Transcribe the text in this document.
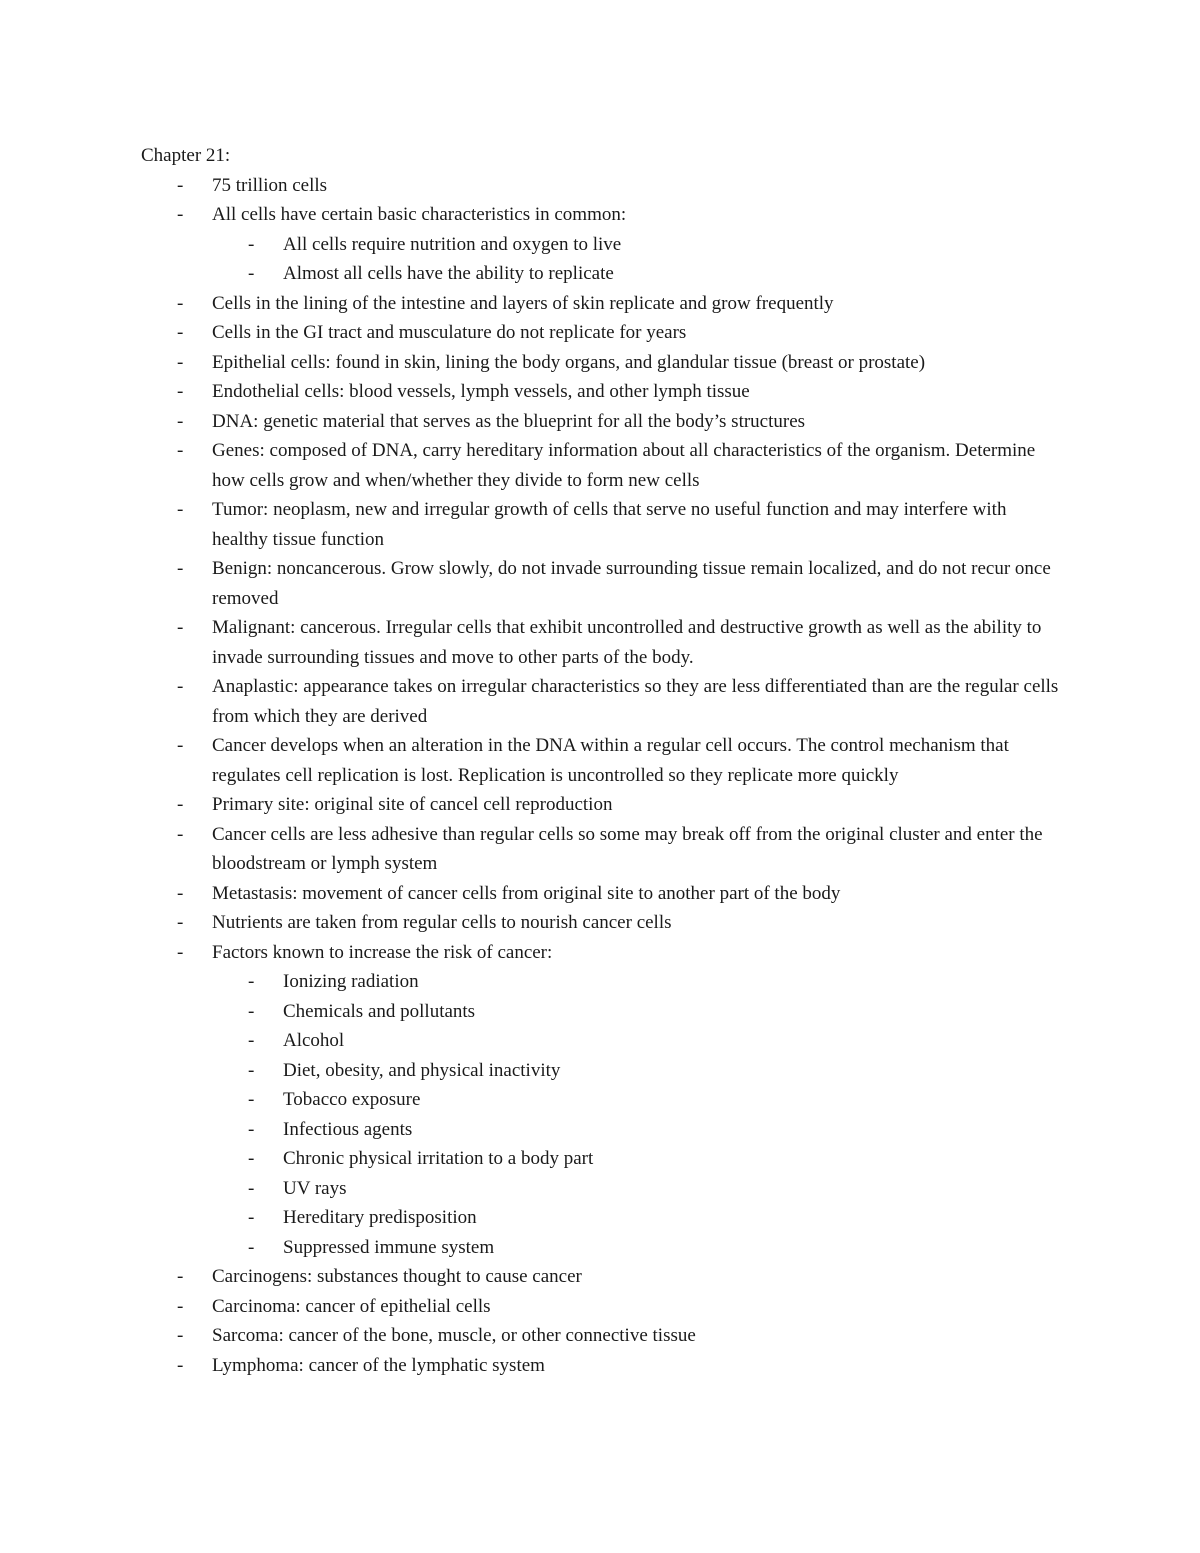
Chapter 21:

- 75 trillion cells
- All cells have certain basic characteristics in common:
- All cells require nutrition and oxygen to live
- Almost all cells have the ability to replicate
- Cells in the lining of the intestine and layers of skin replicate and grow frequently
- Cells in the GI tract and musculature do not replicate for years
- Epithelial cells: found in skin, lining the body organs, and glandular tissue (breast or prostate)
- Endothelial cells: blood vessels, lymph vessels, and other lymph tissue
- DNA: genetic material that serves as the blueprint for all the body’s structures
- Genes: composed of DNA, carry hereditary information about all characteristics of the organism. Determine how cells grow and when/whether they divide to form new cells
- Tumor: neoplasm, new and irregular growth of cells that serve no useful function and may interfere with healthy tissue function
- Benign: noncancerous. Grow slowly, do not invade surrounding tissue remain localized, and do not recur once removed
- Malignant: cancerous. Irregular cells that exhibit uncontrolled and destructive growth as well as the ability to invade surrounding tissues and move to other parts of the body.
- Anaplastic: appearance takes on irregular characteristics so they are less differentiated than are the regular cells from which they are derived
- Cancer develops when an alteration in the DNA within a regular cell occurs. The control mechanism that regulates cell replication is lost. Replication is uncontrolled so they replicate more quickly
- Primary site: original site of cancel cell reproduction
- Cancer cells are less adhesive than regular cells so some may break off from the original cluster and enter the bloodstream or lymph system
- Metastasis: movement of cancer cells from original site to another part of the body
- Nutrients are taken from regular cells to nourish cancer cells
- Factors known to increase the risk of cancer:
- Ionizing radiation
- Chemicals and pollutants
- Alcohol
- Diet, obesity, and physical inactivity
- Tobacco exposure
- Infectious agents
- Chronic physical irritation to a body part
- UV rays
- Hereditary predisposition
- Suppressed immune system
- Carcinogens: substances thought to cause cancer
- Carcinoma: cancer of epithelial cells
- Sarcoma: cancer of the bone, muscle, or other connective tissue
- Lymphoma: cancer of the lymphatic system
